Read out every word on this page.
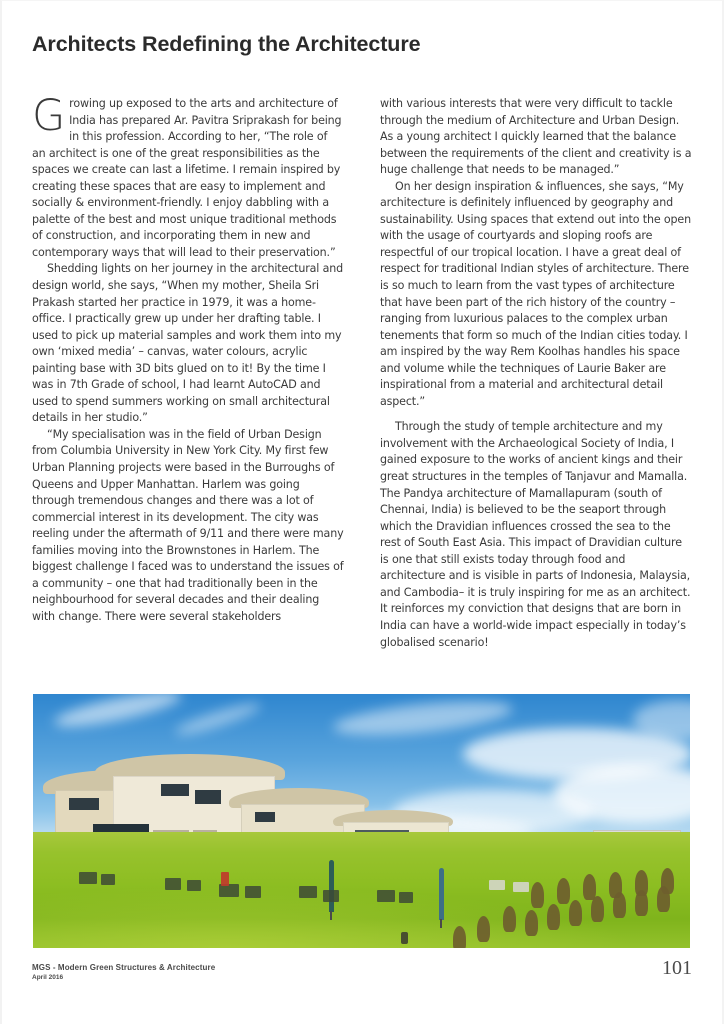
Architects Redefining the Architecture

Growing up exposed to the arts and architecture of India has prepared Ar. Pavitra Sriprakash for being in this profession. According to her, “The role of an architect is one of the great responsibilities as the spaces we create can last a lifetime. I remain inspired by creating these spaces that are easy to implement and socially & environment-friendly. I enjoy dabbling with a palette of the best and most unique traditional methods of construction, and incorporating them in new and contemporary ways that will lead to their preservation.”

Shedding lights on her journey in the architectural and design world, she says, “When my mother, Sheila Sri Prakash started her practice in 1979, it was a home-office. I practically grew up under her drafting table. I used to pick up material samples and work them into my own ‘mixed media’ – canvas, water colours, acrylic painting base with 3D bits glued on to it! By the time I was in 7th Grade of school, I had learnt AutoCAD and used to spend summers working on small architectural details in her studio.”

“My specialisation was in the field of Urban Design from Columbia University in New York City. My first few Urban Planning projects were based in the Burroughs of Queens and Upper Manhattan. Harlem was going through tremendous changes and there was a lot of commercial interest in its development. The city was reeling under the aftermath of 9/11 and there were many families moving into the Brownstones in Harlem. The biggest challenge I faced was to understand the issues of a community – one that had traditionally been in the neighbourhood for several decades and their dealing with change. There were several stakeholders

with various interests that were very difficult to tackle through the medium of Architecture and Urban Design. As a young architect I quickly learned that the balance between the requirements of the client and creativity is a huge challenge that needs to be managed.”

On her design inspiration & influences, she says, “My architecture is definitely influenced by geography and sustainability. Using spaces that extend out into the open with the usage of courtyards and sloping roofs are respectful of our tropical location. I have a great deal of respect for traditional Indian styles of architecture. There is so much to learn from the vast types of architecture that have been part of the rich history of the country – ranging from luxurious palaces to the complex urban tenements that form so much of the Indian cities today. I am inspired by the way Rem Koolhas handles his space and volume while the techniques of Laurie Baker are inspirational from a material and architectural detail aspect.”

Through the study of temple architecture and my involvement with the Archaeological Society of India, I gained exposure to the works of ancient kings and their great structures in the temples of Tanjavur and Mamalla. The Pandya architecture of Mamallapuram (south of Chennai, India) is believed to be the seaport through which the Dravidian influences crossed the sea to the rest of South East Asia. This impact of Dravidian culture is one that still exists today through food and architecture and is visible in parts of Indonesia, Malaysia, and Cambodia– it is truly inspiring for me as an architect. It reinforces my conviction that designs that are born in India can have a world-wide impact especially in today’s globalised scenario!

MGS - Modern Green Structures & Architecture
April 2016	101
